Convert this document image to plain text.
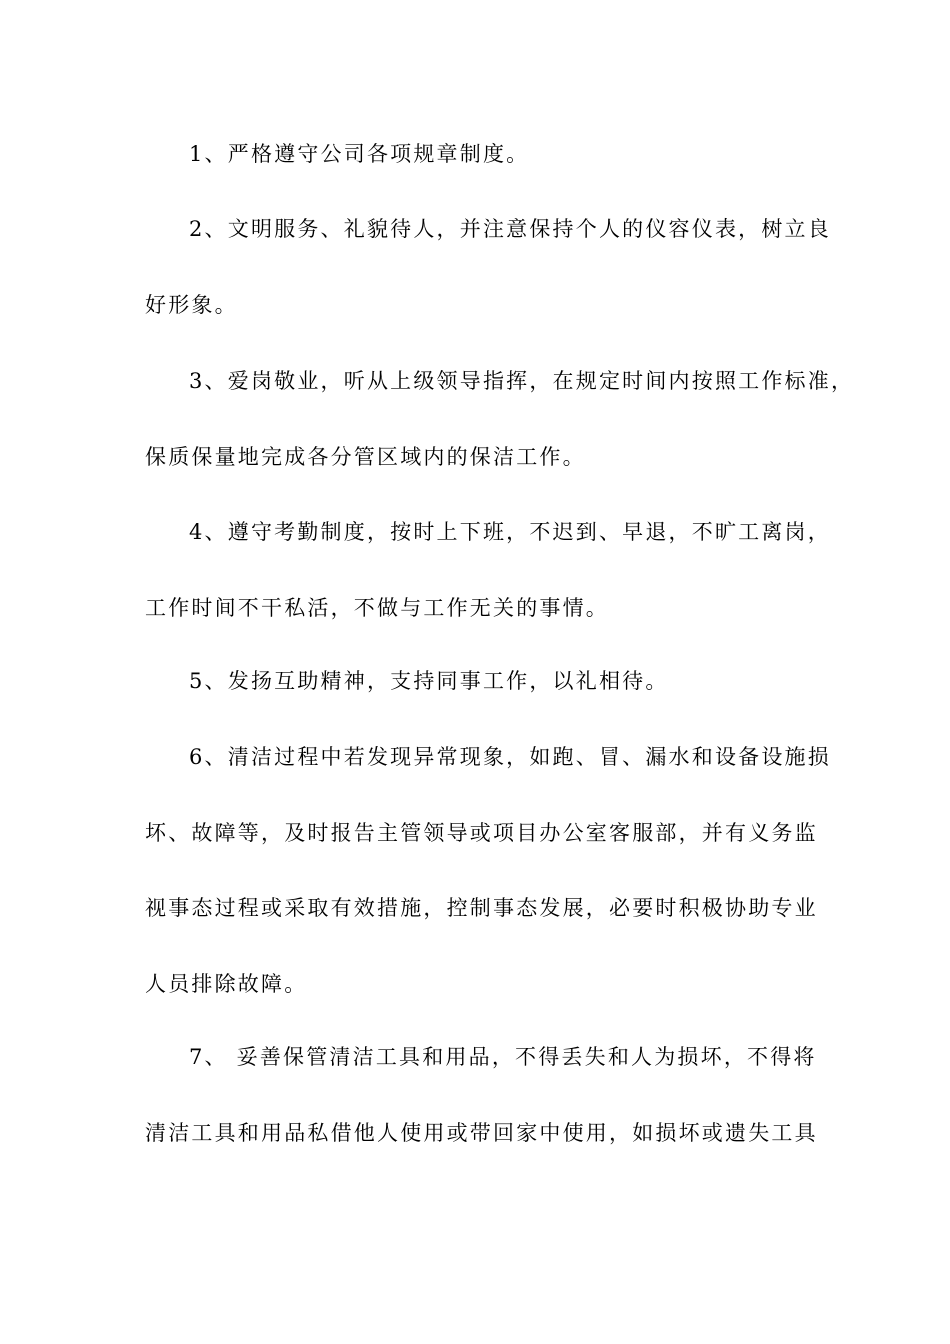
1、严格遵守公司各项规章制度。
2、文明服务、礼貌待人，并注意保持个人的仪容仪表，树立良
好形象。
3、爱岗敬业，听从上级领导指挥，在规定时间内按照工作标准，
保质保量地完成各分管区域内的保洁工作。
4、遵守考勤制度，按时上下班，不迟到、早退，不旷工离岗，
工作时间不干私活，不做与工作无关的事情。
5、发扬互助精神，支持同事工作，以礼相待。
6、清洁过程中若发现异常现象，如跑、冒、漏水和设备设施损
坏、故障等，及时报告主管领导或项目办公室客服部，并有义务监
视事态过程或采取有效措施，控制事态发展，必要时积极协助专业
人员排除故障。
7、 妥善保管清洁工具和用品，不得丢失和人为损坏，不得将
清洁工具和用品私借他人使用或带回家中使用，如损坏或遗失工具
